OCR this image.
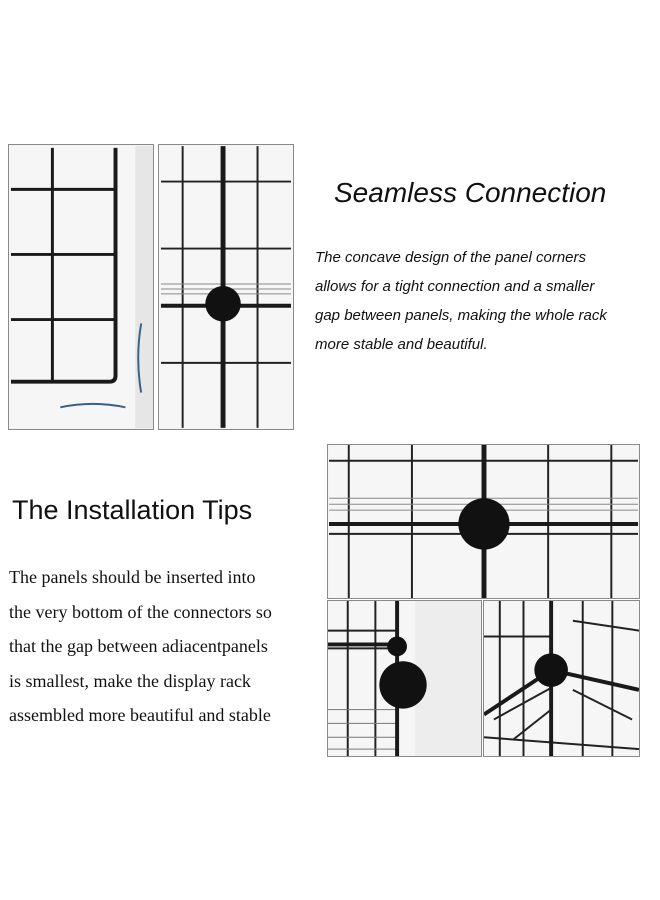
Seamless Connection

The concave design of the panel corners
allows for a tight connection and a smaller
gap between panels, making the whole rack
more stable and beautiful.

The Installation Tips

The panels should be inserted into
the very bottom of the connectors so
that the gap between adiacentpanels
is smallest, make the display rack
assembled more beautiful and stable
